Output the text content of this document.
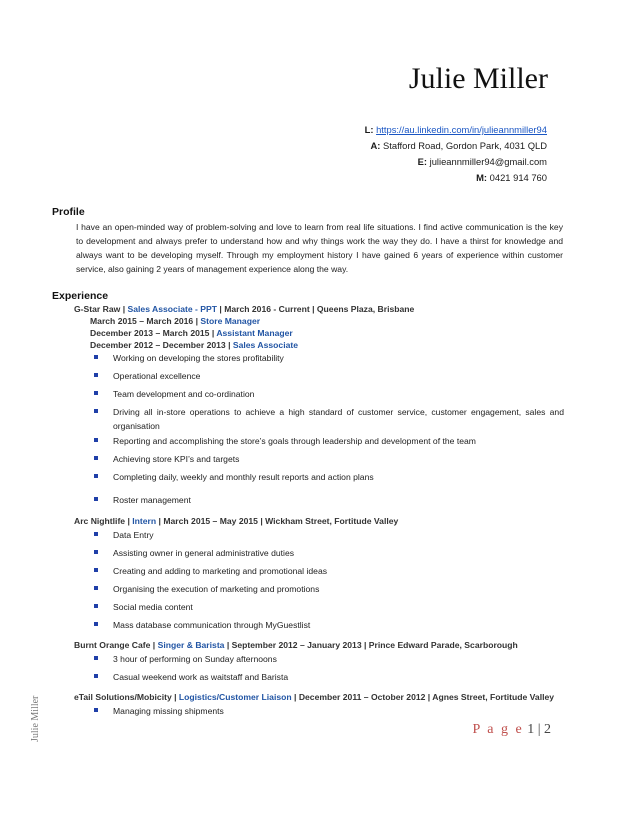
Julie Miller
L: https://au.linkedin.com/in/julieannmiller94
A: Stafford Road, Gordon Park, 4031 QLD
E: julieannmiller94@gmail.com
M: 0421 914 760
Profile
I have an open-minded way of problem-solving and love to learn from real life situations. I find active communication is the key to development and always prefer to understand how and why things work the way they do. I have a thirst for knowledge and always want to be developing myself. Through my employment history I have gained 6 years of experience within customer service, also gaining 2 years of management experience along the way.
Experience
G-Star Raw | Sales Associate - PPT | March 2016 - Current | Queens Plaza, Brisbane
March 2015 – March 2016 | Store Manager
December 2013 – March 2015 | Assistant Manager
December 2012 – December 2013 | Sales Associate
Working on developing the stores profitability
Operational excellence
Team development and co-ordination
Driving all in-store operations to achieve a high standard of customer service, customer engagement, sales and organisation
Reporting and accomplishing the store’s goals through leadership and development of the team
Achieving store KPI’s and targets
Completing daily, weekly and monthly result reports and action plans
Roster management
Arc Nightlife | Intern | March 2015 – May 2015 | Wickham Street, Fortitude Valley
Data Entry
Assisting owner in general administrative duties
Creating and adding to marketing and promotional ideas
Organising the execution of marketing and promotions
Social media content
Mass database communication through MyGuestlist
Burnt Orange Cafe | Singer & Barista | September 2012 – January 2013 | Prince Edward Parade, Scarborough
3 hour of performing on Sunday afternoons
Casual weekend work as waitstaff and Barista
eTail Solutions/Mobicity | Logistics/Customer Liaison | December 2011 – October 2012 | Agnes Street, Fortitude Valley
Managing missing shipments
Julie Miller	P a g e 1 | 2
